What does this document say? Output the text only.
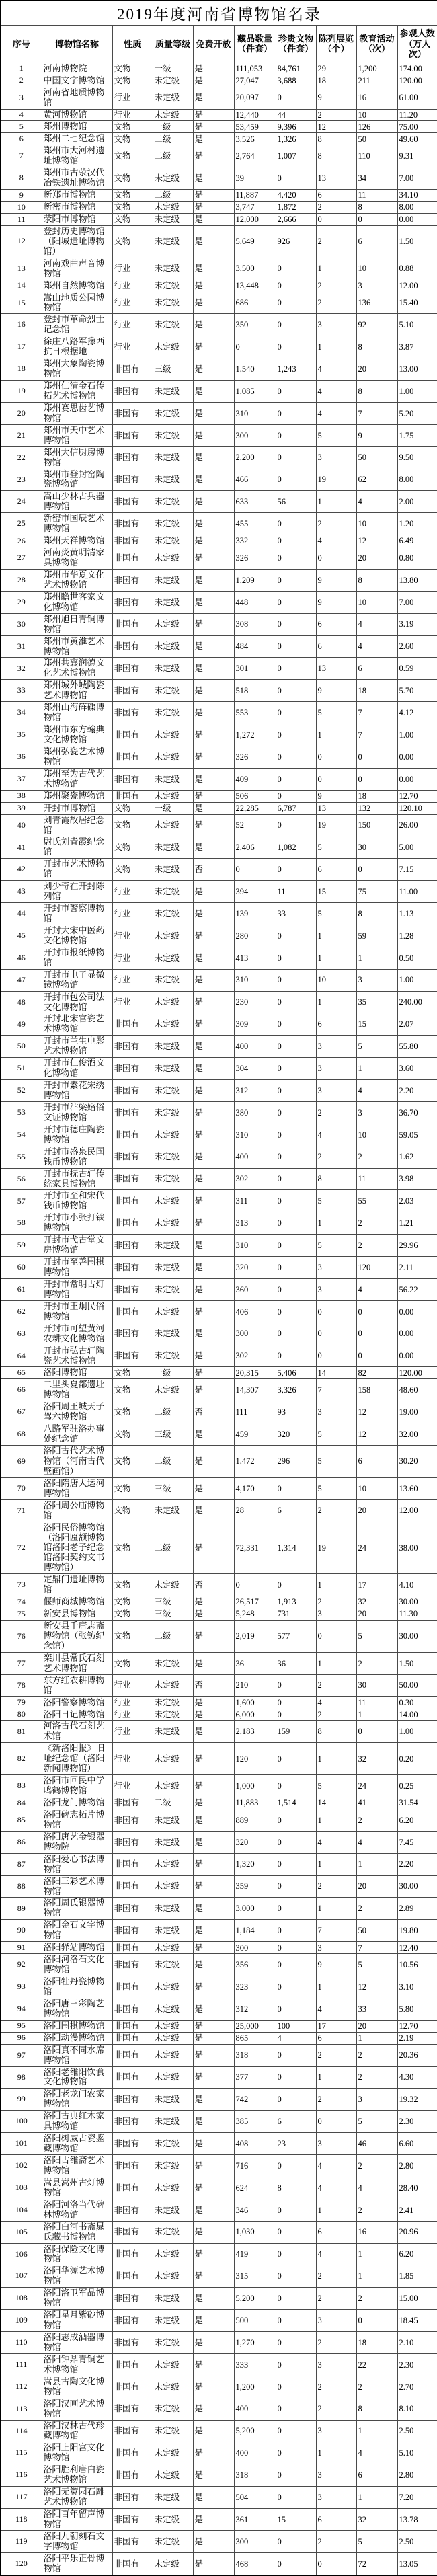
2019年度河南省博物馆名录									
序号	博物馆名称	性质	质量等级	免费开放	藏品数量（件套）	珍贵文物（件套）	陈列展览（个）	教育活动（次）	参观人数（万人次）
1	河南博物院	文物	一级	是	111,053	84,761	29	1,200	174.00
2	中国文字博物馆	文物	未定级	是	27,047	3,688	18	211	120.00
3	河南省地质博物馆	行业	未定级	是	20,097	0	9	16	61.00
4	黄河博物馆	行业	未定级	是	12,440	44	2	10	11.20
5	郑州博物馆	文物	一级	是	53,459	9,396	12	126	75.00
6	郑州二七纪念馆	文物	二级	是	3,526	1,326	8	50	49.60
7	郑州市大河村遗址博物馆	文物	二级	是	2,764	1,007	8	110	9.31
8	郑州市古荥汉代冶铁遗址博物馆	文物	未定级	是	39	0	13	34	7.00
9	新郑市博物馆	文物	二级	是	11,887	4,420	6	11	34.10
10	新密市博物馆	文物	未定级	是	3,747	1,872	2	8	8.00
11	荥阳市博物馆	文物	未定级	是	12,000	2,666	0	0	0.00
12	登封历史博物馆（阳城遗址博物馆）	文物	未定级	是	5,649	926	2	6	1.50
13	河南戏曲声音博物馆	行业	未定级	是	3,500	0	1	10	0.88
14	郑州自然博物馆	行业	未定级	是	13,448	0	2	3	12.00
15	嵩山地质公园博物馆	行业	未定级	是	686	0	2	136	15.40
16	登封市革命烈士记念馆	行业	未定级	是	350	0	3	92	5.10
17	徐庄八路军豫西抗日根据地	行业	未定级	是	0	0	1	8	3.87
18	郑州大象陶瓷博物馆	非国有	三级	是	1,540	1,243	4	20	13.00
19	郑州仁清金石传拓艺术博物馆	非国有	未定级	是	1,085	0	4	8	1.00
20	郑州赛思齿艺博物馆	非国有	未定级	是	310	0	4	7	5.20
21	郑州市天中艺术博物馆	非国有	未定级	是	300	0	5	9	1.75
22	郑州大信厨房博物馆	非国有	未定级	是	2,200	0	3	50	9.50
23	郑州市登封窑陶瓷博物馆	非国有	未定级	是	466	0	19	62	8.00
24	嵩山少林古兵器博物馆	非国有	未定级	是	633	56	1	4	2.00
25	新密市国辰艺术博物馆	非国有	未定级	是	455	0	2	10	1.20
26	郑州天祥博物馆	非国有	未定级	是	332	0	4	12	6.49
27	河南炎黄明清家具博物馆	非国有	未定级	是	326	0	0	20	0.80
28	郑州市华夏文化艺术博物馆	非国有	未定级	是	1,209	0	9	8	13.80
29	郑州瞻世客家文化博物馆	非国有	未定级	是	448	0	9	10	7.00
30	郑州旭日青铜博物馆	非国有	未定级	是	308	0	6	4	3.19
31	郑州市黄淮艺术博物馆	非国有	未定级	是	484	0	6	4	2.60
32	郑州共襄润德文化艺术博物馆	非国有	未定级	是	301	0	13	6	0.59
33	郑州城外城陶瓷艺术博物馆	非国有	未定级	是	518	0	9	18	5.70
34	郑州山海砗磲博物馆	非国有	未定级	是	553	0	5	7	4.12
35	郑州市东方翰典文化博物馆	非国有	未定级	是	1,272	0	1	7	1.00
36	郑州弘瓷艺术博物馆	非国有	未定级	是	326	0	0	0	0.00
37	郑州至为古代艺术博物馆	非国有	未定级	是	409	0	0	0	0.00
38	郑州聚瓷博物馆	非国有	未定级	是	506	0	9	18	12.70
39	开封市博物馆	文物	一级	是	22,285	6,787	13	132	120.10
40	刘青霞故居纪念馆	文物	未定级	是	52	0	19	150	26.00
41	尉氏刘青霞纪念馆	文物	未定级	是	2,406	1,082	5	30	5.00
42	开封市艺术博物馆	文物	未定级	否	0	0	6	0	7.15
43	刘少奇在开封陈列馆	行业	未定级	是	394	11	15	75	11.00
44	开封市警察博物馆	行业	未定级	是	139	33	5	8	1.13
45	开封大宋中医药文化博物馆	行业	未定级	是	280	0	1	59	1.28
46	开封市报纸博物馆	行业	未定级	是	413	0	1	1	0.50
47	开封市电子显微镜博物馆	行业	未定级	是	310	0	10	3	1.00
48	开封市包公司法文化博物馆	行业	未定级	是	230	0	1	35	240.00
49	开封北宋官瓷艺术博物馆	非国有	未定级	是	309	0	6	15	2.07
50	开封市兰生电影艺术博物馆	非国有	未定级	是	400	0	3	5	55.80
51	开封市仁俊酒文化博物馆	非国有	未定级	是	304	0	3	1	3.60
52	开封市素花宋绣博物馆	非国有	未定级	是	312	0	3	4	2.20
53	开封市汴梁婚俗文证博物馆	非国有	未定级	是	380	0	2	3	36.70
54	开封市德庄陶瓷博物馆	非国有	未定级	是	310	0	4	10	59.05
55	开封市盛泉民国钱币博物馆	非国有	未定级	是	400	0	2	2	1.62
56	开封市抚古轩传统家具博物馆	非国有	未定级	是	302	0	8	11	3.98
57	开封市至和宋代钱币博物馆	非国有	未定级	是	311	0	5	55	2.03
58	开封市小张打铁博物馆	非国有	未定级	是	313	0	1	2	1.21
59	开封市弋古堂文房博物馆	非国有	未定级	是	310	0	5	2	29.96
60	开封市至善围棋博物馆	非国有	未定级	是	320	0	3	120	2.11
61	开封市常明古灯博物馆	非国有	未定级	是	360	0	3	4	56.22
62	开封市王炯民俗博物馆	非国有	未定级	是	406	0	0	0	0.00
63	开封市可望黄河农耕文化博物馆	非国有	未定级	是	300	0	0	0	0.00
64	开封市弘古轩陶瓷艺术博物馆	非国有	未定级	是	302	0	0	0	0.00
65	洛阳博物馆	文物	一级	是	20,315	5,406	14	82	120.00
66	二里头夏都遗址博物馆	文物	未定级	是	14,307	3,326	7	158	48.60
67	洛阳周王城天子驾六博物馆	文物	二级	否	111	93	3	12	19.00
68	八路军驻洛办事处纪念馆	文物	三级	是	459	320	5	12	32.00
69	洛阳古代艺术博物馆（河南古代壁画馆）	文物	二级	是	1,472	296	5	6	30.20
70	洛阳隋唐大运河博物馆	文物	三级	是	4,170	0	5	10	13.60
71	洛阳周公庙博物馆	文物	未定级	是	28	6	2	20	12.00
72	洛阳民俗博物馆（洛阳匾额博物馆洛阳老子纪念馆洛阳契约文书博物馆）	文物	二级	是	72,331	1,314	19	24	38.00
73	定鼎门遗址博物馆	文物	未定级	否	0	0	1	17	4.10
74	偃师商城博物馆	文物	三级	是	26,517	1,913	2	32	30.00
75	新安县博物馆	文物	三级	是	5,248	731	3	20	11.30
76	新安县千唐志斋博物馆（张钫纪念馆）	文物	二级	是	2,019	577	0	5	30.00
77	栾川县常氏石刻艺术博物馆	文物	未定级	是	36	36	1	2	1.50
78	东方红农耕博物馆	行业	未定级	否	210	0	2	30	50.00
79	洛阳警察博物馆	行业	未定级	是	1,600	0	4	11	0.30
80	洛阳日记博物馆	行业	未定级	是	6,000	0	2	1	14.00
81	河洛古代石刻艺术馆	行业	未定级	是	2,183	159	8	0	1.00
82	《新洛阳报》旧址纪念馆（洛阳新闻博物馆）	行业	未定级	是	120	0	1	32	0.20
83	洛阳市回民中学鸣鹤博物馆	行业	未定级	是	1,000	0	5	24	0.25
84	洛阳龙门博物馆	非国有	二级	是	11,883	1,514	14	41	31.54
85	洛阳碑志拓片博物馆	非国有	未定级	是	889	0	1	2	6.20
86	洛阳唐艺金银器博物院	非国有	未定级	是	320	0	4	4	7.45
87	洛阳爱心书法博物馆	非国有	未定级	是	1,320	0	1	1	2.20
88	洛阳三彩艺术博物馆	非国有	未定级	是	359	0	2	20	30.00
89	洛阳周氏银器博物馆	非国有	未定级	是	3,000	0	1	2	2.89
90	洛阳金石文字博物馆	非国有	未定级	是	1,184	0	7	50	19.80
91	洛阳驿站博物馆	非国有	未定级	是	300	0	3	7	12.40
92	洛阳河洛石文化博物馆	非国有	未定级	是	356	0	9	5	10.56
93	洛阳牡丹瓷博物馆	非国有	未定级	是	323	0	1	12	3.10
94	洛阳唐三彩陶艺博物馆	非国有	未定级	是	312	0	4	33	5.80
95	洛阳围棋博物馆	非国有	未定级	是	25,000	100	17	20	12.70
96	洛阳动漫博物馆	非国有	未定级	是	865	4	6	1	2.19
97	洛阳真不同水席博物馆	非国有	未定级	是	318	0	2	2	20.36
98	洛阳老雒阳饮食文化博物馆	非国有	未定级	是	377	0	1	2	4.30
99	洛阳老龙门农家博物馆	非国有	未定级	是	742	0	2	3	19.32
100	洛阳古典红木家具博物馆	非国有	未定级	是	385	6	0	5	2.30
101	洛阳树威古瓷鉴藏博物馆	非国有	未定级	是	408	23	3	46	6.60
102	洛阳古雒斋艺术博物馆	非国有	未定级	是	716	0	4	2	2.80
103	嵩县嵩州古灯博物馆	非国有	未定级	是	624	8	4	4	28.40
104	洛阳河洛当代碑林博物馆	非国有	未定级	是	346	0	1	2	2.41
105	洛阳白河书斋晁氏藏书博物馆	非国有	未定级	是	1,030	0	6	16	20.96
106	洛阳保险文化博物馆	非国有	未定级	是	419	0	4	1	6.20
107	洛阳华源艺术博物馆	非国有	未定级	是	315	0	2	1	1.85
108	洛阳洛卫军品博物馆	非国有	未定级	是	5,200	0	2	2	15.00
109	洛阳星月紫砂博物馆	非国有	未定级	是	500	0	3	0	18.45
110	洛阳志成酒器博物馆	非国有	未定级	是	1,270	0	2	18	2.10
111	洛阳钟鼎青铜艺术博物馆	非国有	未定级	是	333	0	3	22	2.30
112	嵩县古陶文化博物馆	非国有	未定级	是	1,200	0	2	2	2.70
113	洛阳汉画艺术博物馆	非国有	未定级	是	400	0	2	8	8.10
114	洛阳汉林古代珍藏博物馆	非国有	未定级	是	5,200	0	3	1	2.50
115	洛阳上阳宫文化博物馆	非国有	未定级	是	400	0	1	4	5.10
116	洛阳胜利唐白瓷艺术博物馆	非国有	未定级	是	318	0	3	6	2.80
117	洛阳无篱园石雕艺术博物馆	非国有	未定级	是	504	0	3	1	7.20
118	洛阳百年留声博物馆	非国有	未定级	是	361	15	6	32	13.78
119	洛阳九朝刻石文字博物馆	非国有	未定级	是	300	0	2	5	2.50
120	洛阳平乐正骨博物馆	非国有	未定级	是	468	0	0	72	13.05
